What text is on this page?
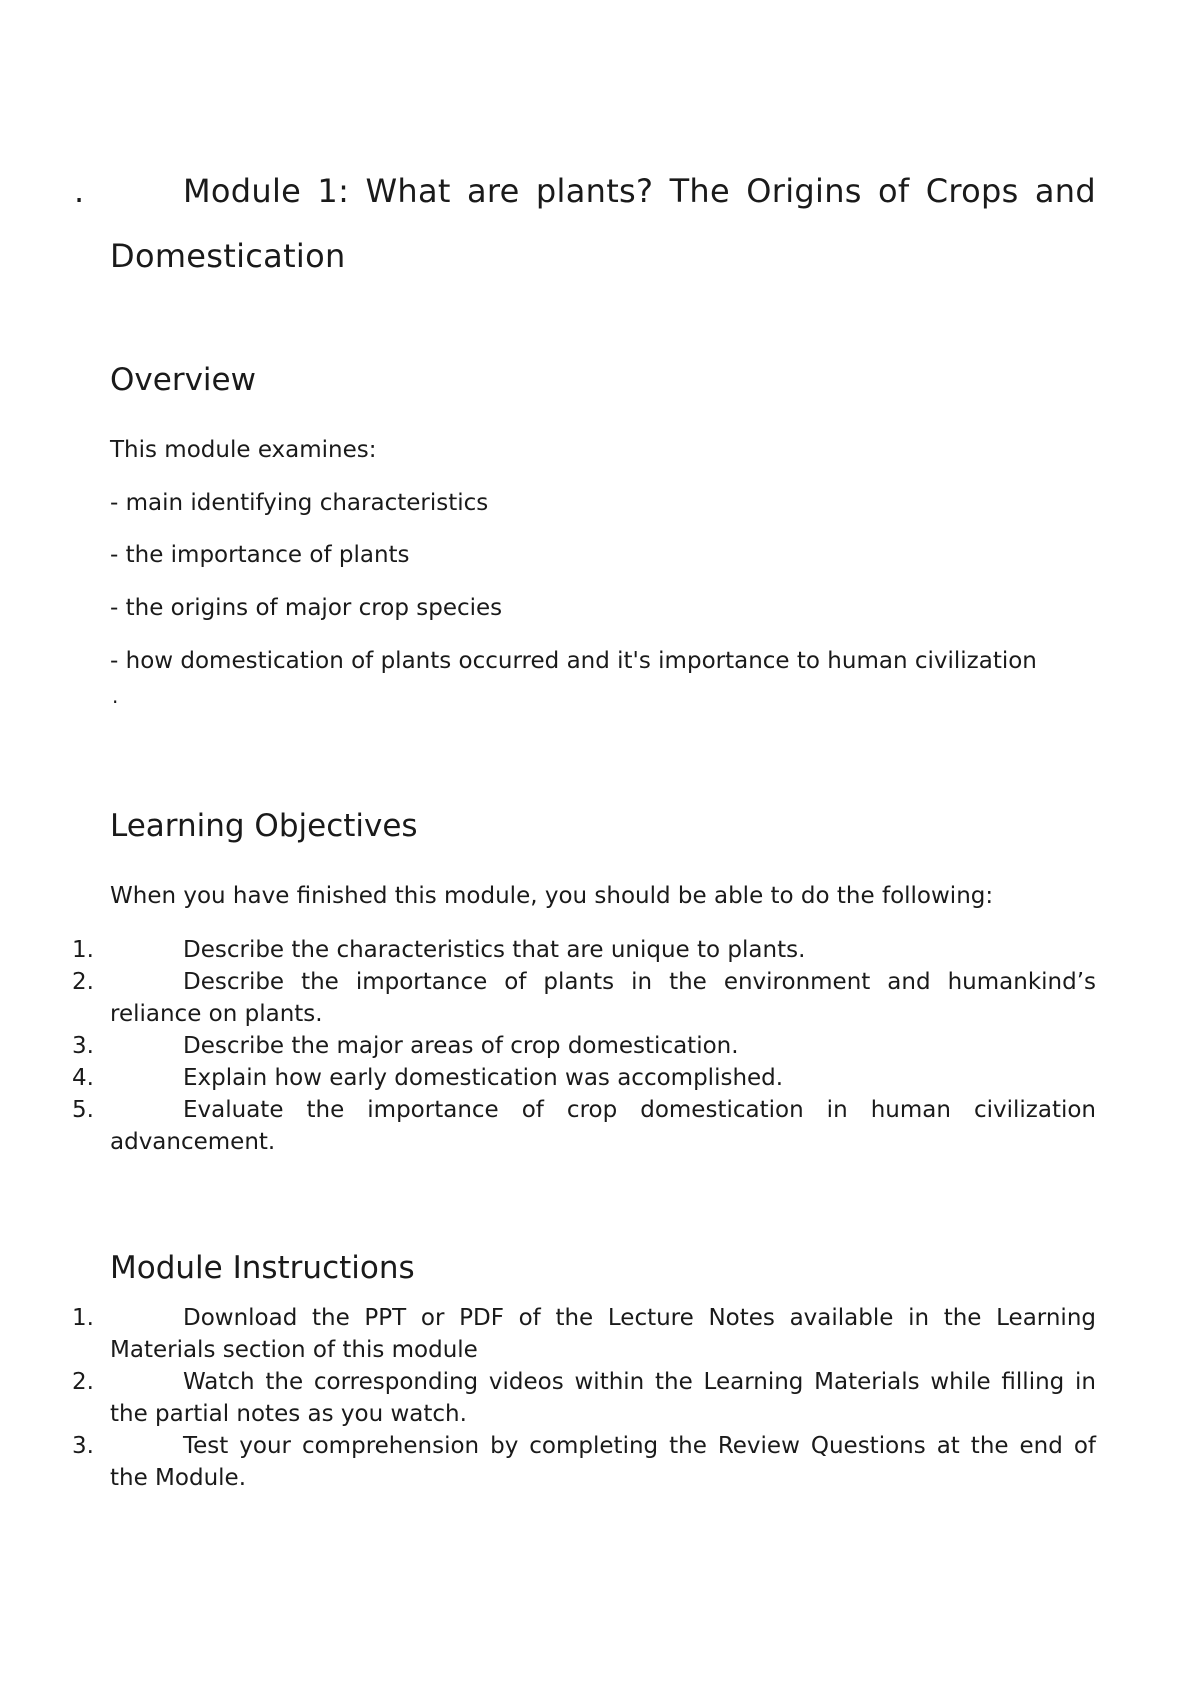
.	Module 1: What are plants? The Origins of Crops and
Domestication
Overview
This module examines:
- main identifying characteristics
- the importance of plants
- the origins of major crop species
- how domestication of plants occurred and it's importance to human civilization
.
Learning Objectives
When you have finished this module, you should be able to do the following:
1.	Describe the characteristics that are unique to plants.
2.	Describe the importance of plants in the environment and humankind’s reliance on plants.
3.	Describe the major areas of crop domestication.
4.	Explain how early domestication was accomplished.
5.	Evaluate the importance of crop domestication in human civilization advancement.
Module Instructions
1.	Download the PPT or PDF of the Lecture Notes available in the Learning Materials section of this module
2.	Watch the corresponding videos within the Learning Materials while filling in the partial notes as you watch.
3.	Test your comprehension by completing the Review Questions at the end of the Module.
